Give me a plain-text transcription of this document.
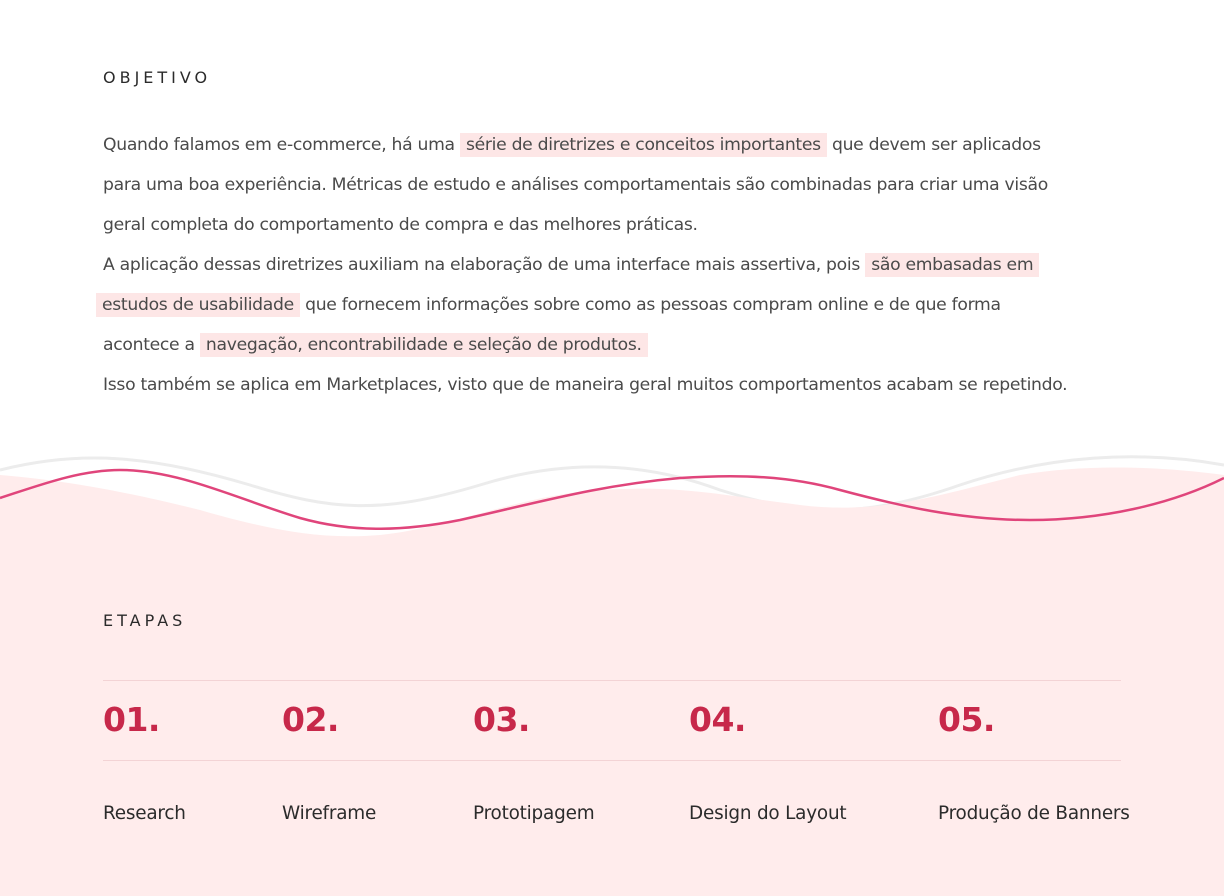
OBJETIVO
Quando falamos em e-commerce, há uma série de diretrizes e conceitos importantes que devem ser aplicados
para uma boa experiência. Métricas de estudo e análises comportamentais são combinadas para criar uma visão
geral completa do comportamento de compra e das melhores práticas.
A aplicação dessas diretrizes auxiliam na elaboração de uma interface mais assertiva, pois são embasadas em
estudos de usabilidade que fornecem informações sobre como as pessoas compram online e de que forma
acontece a navegação, encontrabilidade e seleção de produtos.
Isso também se aplica em Marketplaces, visto que de maneira geral muitos comportamentos acabam se repetindo.
ETAPAS
01.	02.	03.	04.	05.
Research	Wireframe	Prototipagem	Design do Layout	Produção de Banners
